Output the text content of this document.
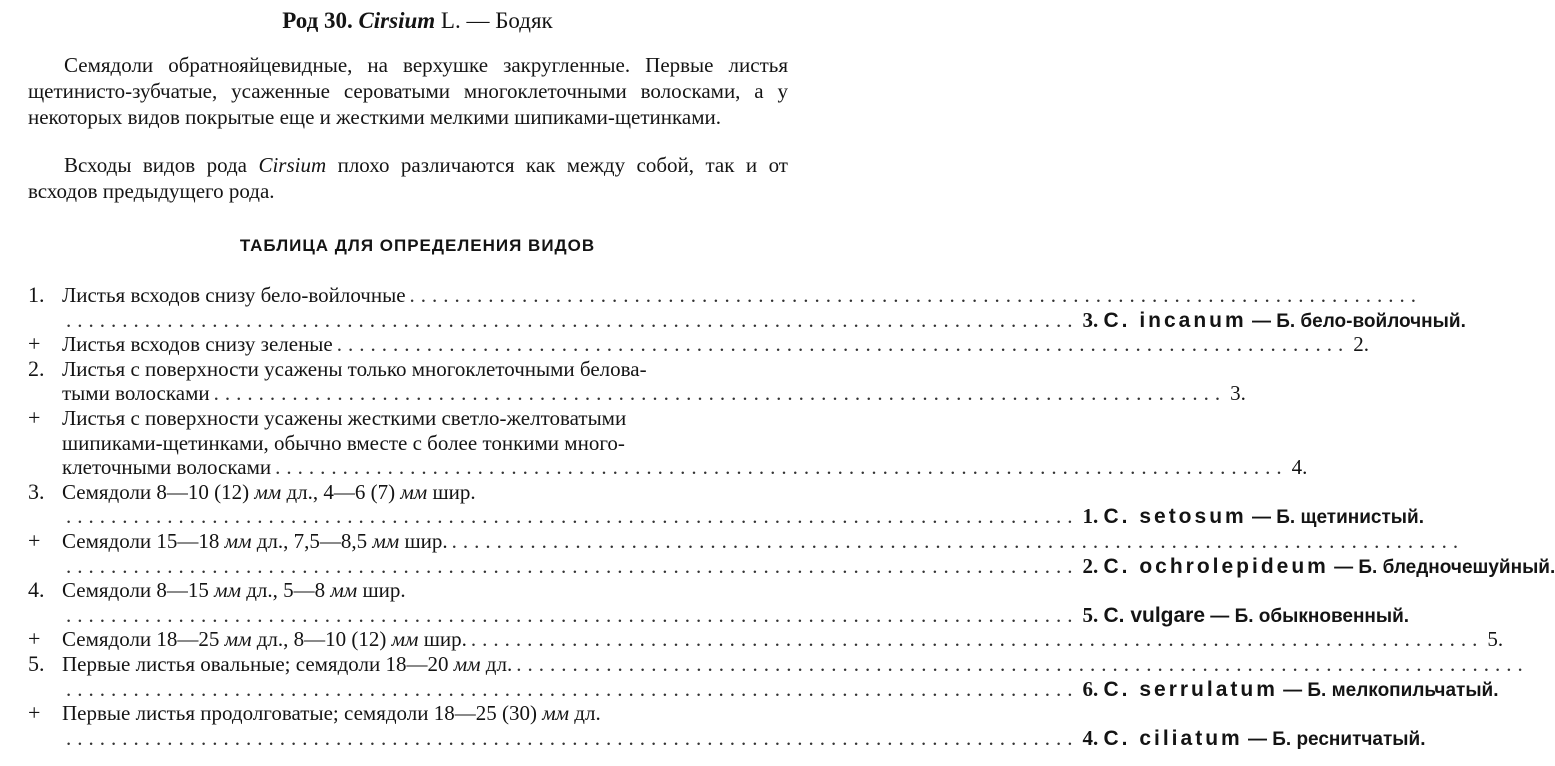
Род 30. Cirsium L. — Бодяк

Семядоли обратнояйцевидные, на верхушке закругленные. Первые листья щетинисто-зубчатые, усаженные сероватыми многоклеточными волосками, а у некоторых видов покрытые еще и жесткими мелкими шипиками-щетинками.

Всходы видов рода Cirsium плохо различаются как между собой, так и от всходов предыдущего рода.

ТАБЛИЦА ДЛЯ ОПРЕДЕЛЕНИЯ ВИДОВ
1. Листья всходов снизу бело-войлочные ..........................................................................................
.......................................................................................... 3. C. incanum — Б. бело-войлочный.
+	Листья всходов снизу зеленые .......................................................................................... 2.
2. Листья с поверхности усажены только многоклеточными белова-
тыми волосками .......................................................................................... 3.
+	Листья с поверхности усажены жесткими светло-желтоватыми
шипиками-щетинками, обычно вместе с более тонкими много-
клеточными волосками .......................................................................................... 4.
3. Семядоли 8—10 (12) мм дл., 4—6 (7) мм шир.
.......................................................................................... 1. C. setosum — Б. щетинистый.
+	Семядоли 15—18 мм дл., 7,5—8,5 мм шир. ..........................................................................................
.......................................................................................... 2. C. ochrolepideum — Б. бледночешуйный.
4. Семядоли 8—15 мм дл., 5—8 мм шир.
.......................................................................................... 5. C. vulgare — Б. обыкновенный.
+	Семядоли 18—25 мм дл., 8—10 (12) мм шир. .......................................................................................... 5.
5. Первые листья овальные; семядоли 18—20 мм дл. ..........................................................................................
.......................................................................................... 6. C. serrulatum — Б. мелкопильчатый.
+	Первые листья продолговатые; семядоли 18—25 (30) мм дл.
.......................................................................................... 4. C. ciliatum — Б. реснитчатый.
